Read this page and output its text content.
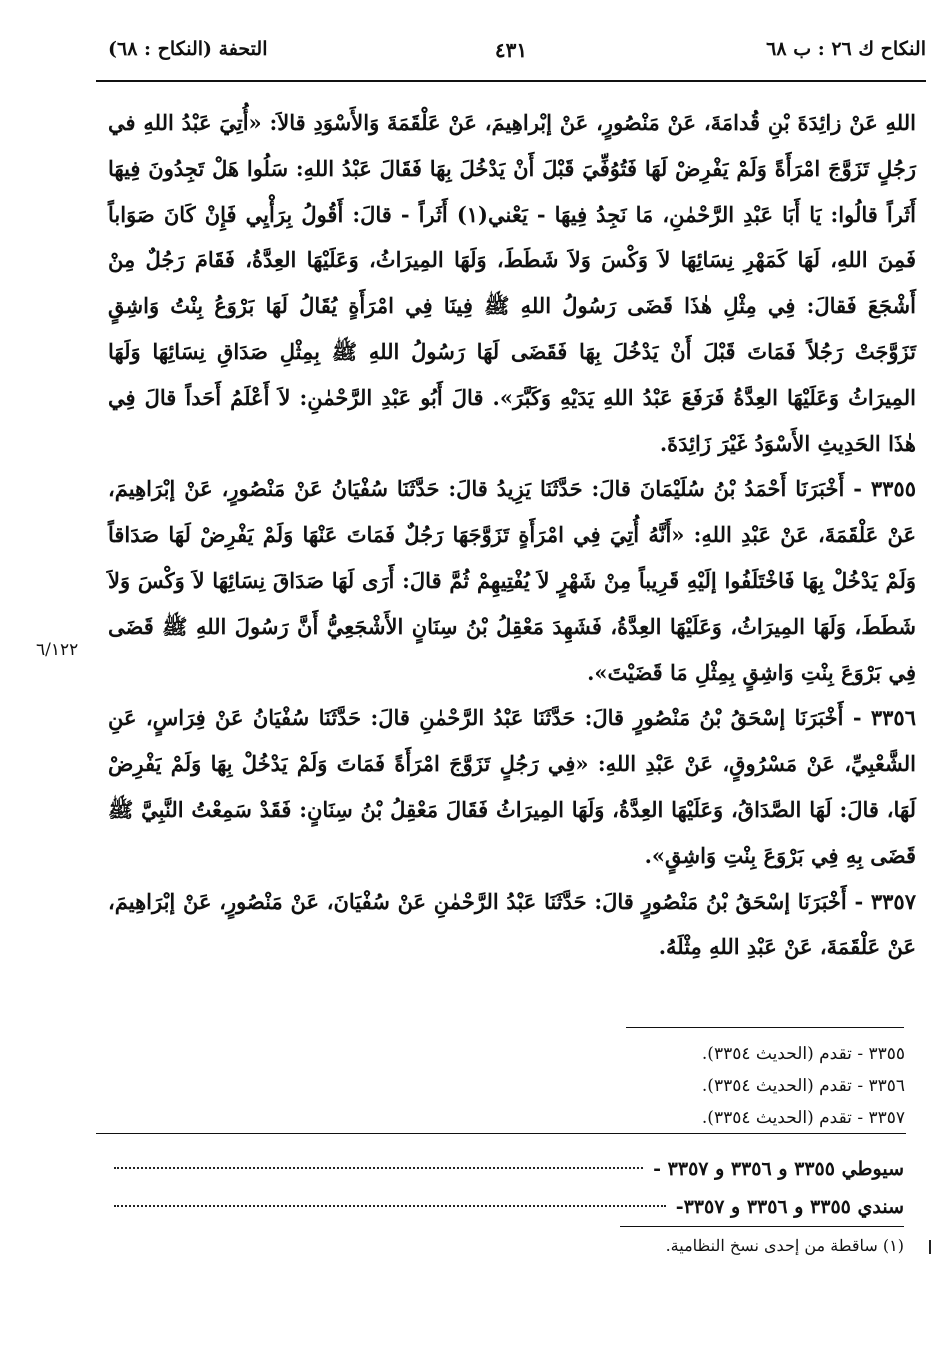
النكاح ك ٢٦ : ب ٦٨
٤٣١
التحفة (النكاح : ٦٨)

اللهِ عَنْ زائِدَةَ بْنِ قُدامَةَ، عَنْ مَنْصُورٍ، عَنْ إبْراهِيمَ، عَنْ عَلْقَمَةَ وَالأَسْوَدِ قالاَ: «أُتِيَ عَبْدُ اللهِ في رَجُلٍ تَزَوَّجَ امْرَأَةً وَلَمْ يَفْرِضْ لَهَا فَتُوُفِّيَ قَبْلَ أَنْ يَدْخُلَ بِهَا فَقَالَ عَبْدُ اللهِ: سَلُوا هَلْ تَجِدُونَ فِيهَا أَثَراً قالُوا: يَا أَبَا عَبْدِ الرَّحْمٰنِ، مَا نَجِدُ فِيهَا - يَعْني(١) أَثَراً - قالَ: أَقُولُ بِرَأْيِي فَإِنْ كَانَ صَوَاباً فَمِنَ اللهِ، لَهَا كَمَهْرِ نِسَائِهَا لاَ وَكْسَ وَلاَ شَطَطَ، وَلَهَا المِيرَاثُ، وَعَلَيْهَا العِدَّةُ، فَقَامَ رَجُلٌ مِنْ أَشْجَعَ فَقالَ: فِي مِثْلِ هٰذَا قَضَى رَسُولُ اللهِ ﷺ فِينَا فِي امْرَأَةٍ يُقَالُ لَهَا بَرْوَعُ بِنْتُ وَاشِقٍ تَزَوَّجَتْ رَجُلاً فَمَاتَ قَبْلَ أَنْ يَدْخُلَ بِهَا فَقَضَى لَهَا رَسُولُ اللهِ ﷺ بِمِثْلِ صَدَاقِ نِسَائِهَا وَلَهَا المِيرَاثُ وَعَلَيْهَا العِدَّةُ فَرَفَعَ عَبْدُ اللهِ يَدَيْهِ وَكَبَّرَ». قالَ أَبُو عَبْدِ الرَّحْمٰنِ: لاَ أَعْلَمُ أَحَداً قالَ فِي هٰذَا الحَدِيثِ الأَسْوَدُ غَيْرَ زَائِدَةَ.

٣٣٥٥ - أَخْبَرَنَا أَحْمَدُ بْنُ سُلَيْمَانَ قالَ: حَدَّثَنَا يَزِيدُ قالَ: حَدَّثَنَا سُفْيَانُ عَنْ مَنْصُورٍ، عَنْ إبْرَاهِيمَ، عَنْ عَلْقَمَةَ، عَنْ عَبْدِ اللهِ: «أَنَّهُ أُتِيَ فِي امْرَأَةٍ تَزَوَّجَهَا رَجُلٌ فَمَاتَ عَنْهَا وَلَمْ يَفْرِضْ لَهَا صَدَاقاً وَلَمْ يَدْخُلْ بِهَا فَاخْتَلَفُوا إلَيْهِ قَرِيباً مِنْ شَهْرٍ لاَ يُفْتِيهِمْ ثُمَّ قالَ: أَرَى لَهَا صَدَاقَ نِسَائِهَا لاَ وَكْسَ وَلاَ شَطَطَ، وَلَهَا المِيرَاثُ، وَعَلَيْهَا العِدَّةُ، فَشَهِدَ مَعْقِلُ بْنُ سِنَانٍ الأَشْجَعِيُّ أَنَّ رَسُولَ اللهِ ﷺ قَضَى فِي بَرْوَعَ بِنْتِ وَاشِقٍ بِمِثْلِ مَا قَضَيْتَ».

٣٣٥٦ - أَخْبَرَنَا إسْحَقُ بْنُ مَنْصُورٍ قالَ: حَدَّثَنَا عَبْدُ الرَّحْمٰنِ قالَ: حَدَّثَنَا سُفْيَانُ عَنْ فِرَاسٍ، عَنِ الشَّعْبِيِّ، عَنْ مَسْرُوقٍ، عَنْ عَبْدِ اللهِ: «فِي رَجُلٍ تَزَوَّجَ امْرَأَةً فَمَاتَ وَلَمْ يَدْخُلْ بِهَا وَلَمْ يَفْرِضْ لَهَا، قالَ: لَهَا الصَّدَاقُ، وَعَلَيْهَا العِدَّةُ، وَلَهَا المِيرَاثُ فَقَالَ مَعْقِلُ بْنُ سِنَانٍ: فَقَدْ سَمِعْتُ النَّبِيَّ ﷺ قَضَى بِهِ فِي بَرْوَعَ بِنْتِ وَاشِقٍ».

٣٣٥٧ - أَخْبَرَنَا إسْحَقُ بْنُ مَنْصُورٍ قالَ: حَدَّثَنَا عَبْدُ الرَّحْمٰنِ عَنْ سُفْيَانَ، عَنْ مَنْصُورٍ، عَنْ إبْرَاهِيمَ، عَنْ عَلْقَمَةَ، عَنْ عَبْدِ اللهِ مِثْلَهُ.

٦/١٢٢
٣٣٥٥ - تقدم (الحديث ٣٣٥٤).
٣٣٥٦ - تقدم (الحديث ٣٣٥٤).
٣٣٥٧ - تقدم (الحديث ٣٣٥٤).
سيوطي ٣٣٥٥ و ٣٣٥٦ و ٣٣٥٧ -
سندي ٣٣٥٥ و ٣٣٥٦ و ٣٣٥٧-
(١) ساقطة من إحدى نسخ النظامية.
